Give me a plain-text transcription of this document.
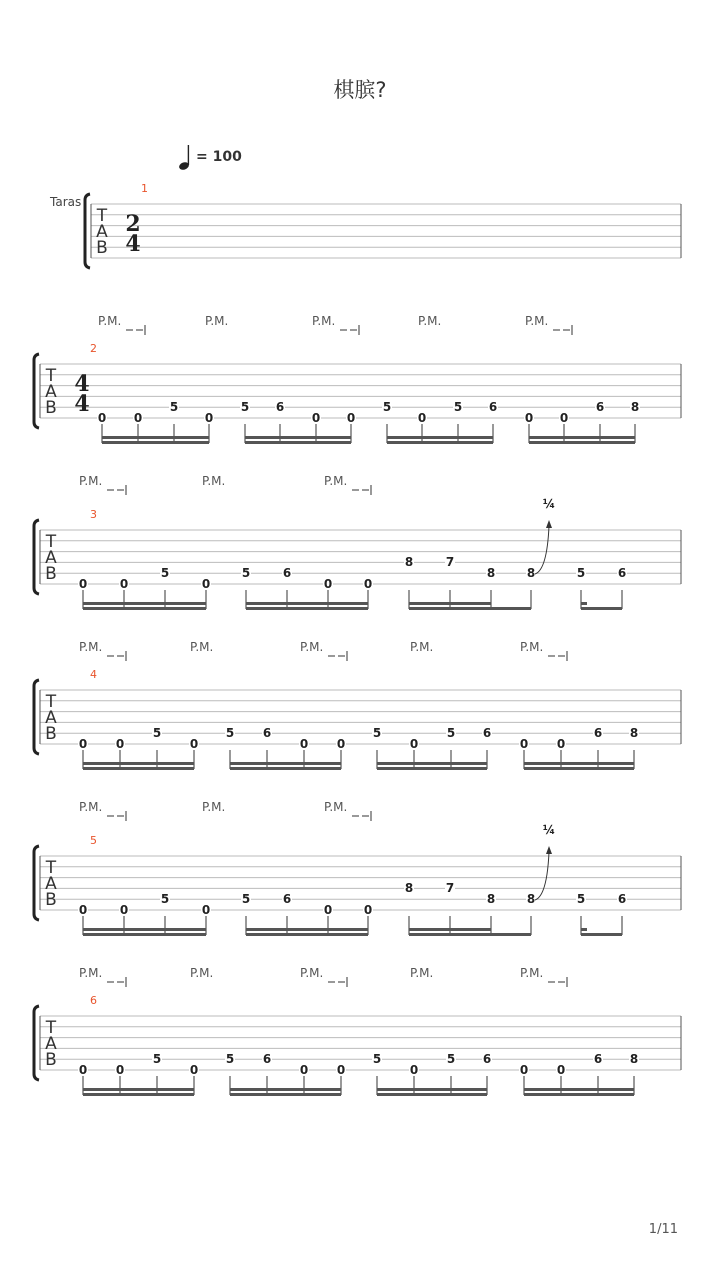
棋膑?
= 100
Taras
T
A
B
2
4
1
T
A
B
4
4
2
0 0
5
0
5 6
0 0
5
0
5 6
0 0
6 8
P.M.	P.M.	P.M.	P.M.	P.M.
T
A
B
4
0 0
5
0
5 6
0 0
5
0
5 6
0 0
6 8
P.M.	P.M.	P.M.	P.M.	P.M.
T
A
B
6
0 0
5
0
5 6
0 0
5
0
5 6
0 0
6 8
P.M.	P.M.	P.M.	P.M.	P.M.
T
A
B
3
0	0
5
0
5	6
0	0
8	7
8	8	5	6
¼
P.M.	P.M.	P.M.
T
A
B
5
0	0
5
0
5	6
0	0
8	7
8	8	5	6
¼
P.M.	P.M.	P.M.
1/11
